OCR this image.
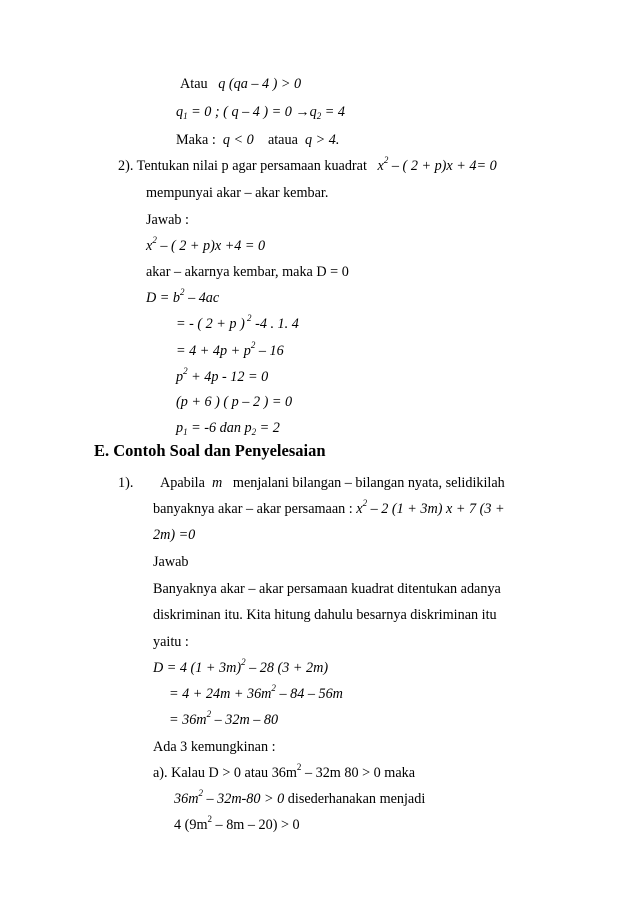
Atau q (qa – 4 ) > 0
$q_1 = 0$ ; ( q – 4 ) = $0 \to q_2 = 4$
Maka : q < 0 ataua q > 4.
2). Tentukan nilai p agar persamaan kuadrat $x^2$ – ( 2 + p)x + 4= 0
mempunyai akar – akar kembar.
Jawab :
$x^2$ – ( 2 + p)x +4 = 0
akar – akarnya kembar, maka D = 0
$D = b^2 - 4ac$
= - ( 2 + p ) $^2$ -4 . 1. 4
= $4 + 4p + p^2 - 16$
$p^2 + 4p - 12 = 0$
(p + 6 ) ( p – 2 ) = 0
$p_1 = -6$ dan $p_2 = 2$
E. Contoh Soal dan Penyelesaian
1). Apabila m menjalani bilangan – bilangan nyata, selidikilah
banyaknya akar – akar persamaan : $x^2 - 2$ (1 + 3m) x + 7 (3 +
2m) =0
Jawab
Banyaknya akar – akar persamaan kuadrat ditentukan adanya
diskriminan itu. Kita hitung dahulu besarnya diskriminan itu
yaitu :
D = 4 $(1 + 3m)^2 - 28$ (3 + 2m)
= $4 + 24m + 36m^2 - 84 - 56m$
= $36m^2 - 32m - 80$
Ada 3 kemungkinan :
a). Kalau D > 0 atau $36m^2 - 32m$ 80 > 0 maka
$36m^2 - 32m-80 > 0$ disederhanakan menjadi
4 $(9m^2 - 8m - 20) > 0$
